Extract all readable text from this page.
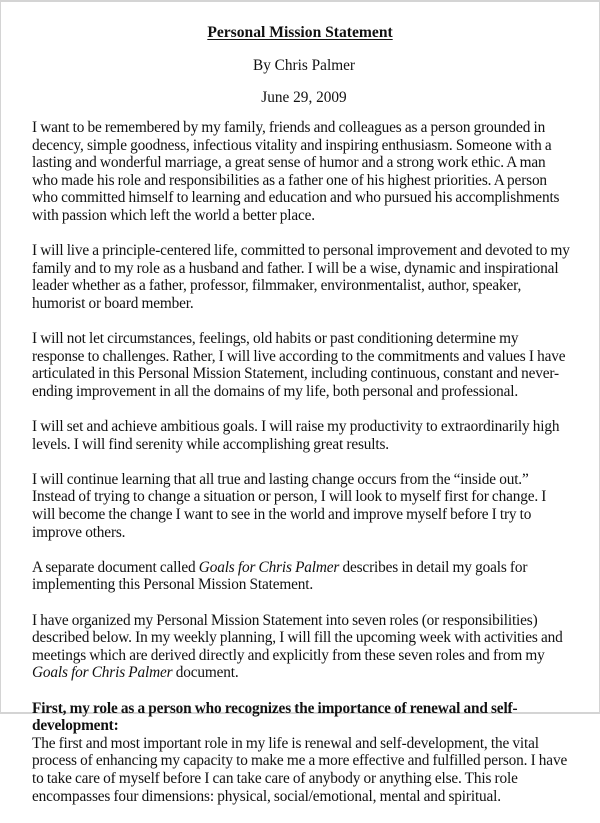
Personal Mission Statement

By Chris Palmer

June 29, 2009

I want to be remembered by my family, friends and colleagues as a person grounded in decency, simple goodness, infectious vitality and inspiring enthusiasm. Someone with a lasting and wonderful marriage, a great sense of humor and a strong work ethic. A man who made his role and responsibilities as a father one of his highest priorities. A person who committed himself to learning and education and who pursued his accomplishments with passion which left the world a better place.

I will live a principle-centered life, committed to personal improvement and devoted to my family and to my role as a husband and father. I will be a wise, dynamic and inspirational leader whether as a father, professor, filmmaker, environmentalist, author, speaker, humorist or board member.

I will not let circumstances, feelings, old habits or past conditioning determine my response to challenges. Rather, I will live according to the commitments and values I have articulated in this Personal Mission Statement, including continuous, constant and never-ending improvement in all the domains of my life, both personal and professional.

I will set and achieve ambitious goals. I will raise my productivity to extraordinarily high levels. I will find serenity while accomplishing great results.

I will continue learning that all true and lasting change occurs from the “inside out.” Instead of trying to change a situation or person, I will look to myself first for change. I will become the change I want to see in the world and improve myself before I try to improve others.

A separate document called Goals for Chris Palmer describes in detail my goals for implementing this Personal Mission Statement.

I have organized my Personal Mission Statement into seven roles (or responsibilities) described below. In my weekly planning, I will fill the upcoming week with activities and meetings which are derived directly and explicitly from these seven roles and from my Goals for Chris Palmer document.

First, my role as a person who recognizes the importance of renewal and self-development:
The first and most important role in my life is renewal and self-development, the vital process of enhancing my capacity to make me a more effective and fulfilled person. I have to take care of myself before I can take care of anybody or anything else. This role encompasses four dimensions: physical, social/emotional, mental and spiritual.
